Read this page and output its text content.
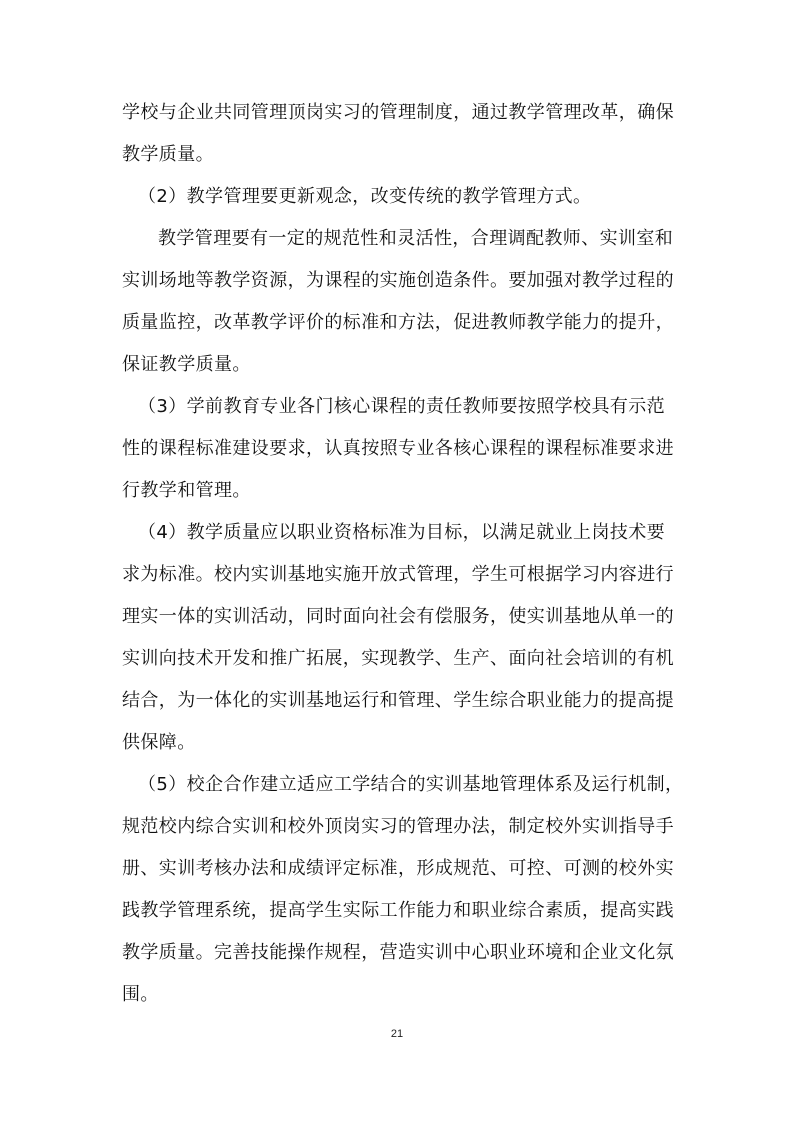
学校与企业共同管理顶岗实习的管理制度，通过教学管理改革，确保
教学质量。
（2）教学管理要更新观念，改变传统的教学管理方式。
教学管理要有一定的规范性和灵活性，合理调配教师、实训室和
实训场地等教学资源，为课程的实施创造条件。要加强对教学过程的
质量监控，改革教学评价的标准和方法，促进教师教学能力的提升，
保证教学质量。
（3）学前教育专业各门核心课程的责任教师要按照学校具有示范
性的课程标准建设要求，认真按照专业各核心课程的课程标准要求进
行教学和管理。
（4）教学质量应以职业资格标准为目标，以满足就业上岗技术要
求为标准。校内实训基地实施开放式管理，学生可根据学习内容进行
理实一体的实训活动，同时面向社会有偿服务，使实训基地从单一的
实训向技术开发和推广拓展，实现教学、生产、面向社会培训的有机
结合，为一体化的实训基地运行和管理、学生综合职业能力的提高提
供保障。
（5）校企合作建立适应工学结合的实训基地管理体系及运行机制，
规范校内综合实训和校外顶岗实习的管理办法，制定校外实训指导手
册、实训考核办法和成绩评定标准，形成规范、可控、可测的校外实
践教学管理系统，提高学生实际工作能力和职业综合素质，提高实践
教学质量。完善技能操作规程，营造实训中心职业环境和企业文化氛
围。
21
